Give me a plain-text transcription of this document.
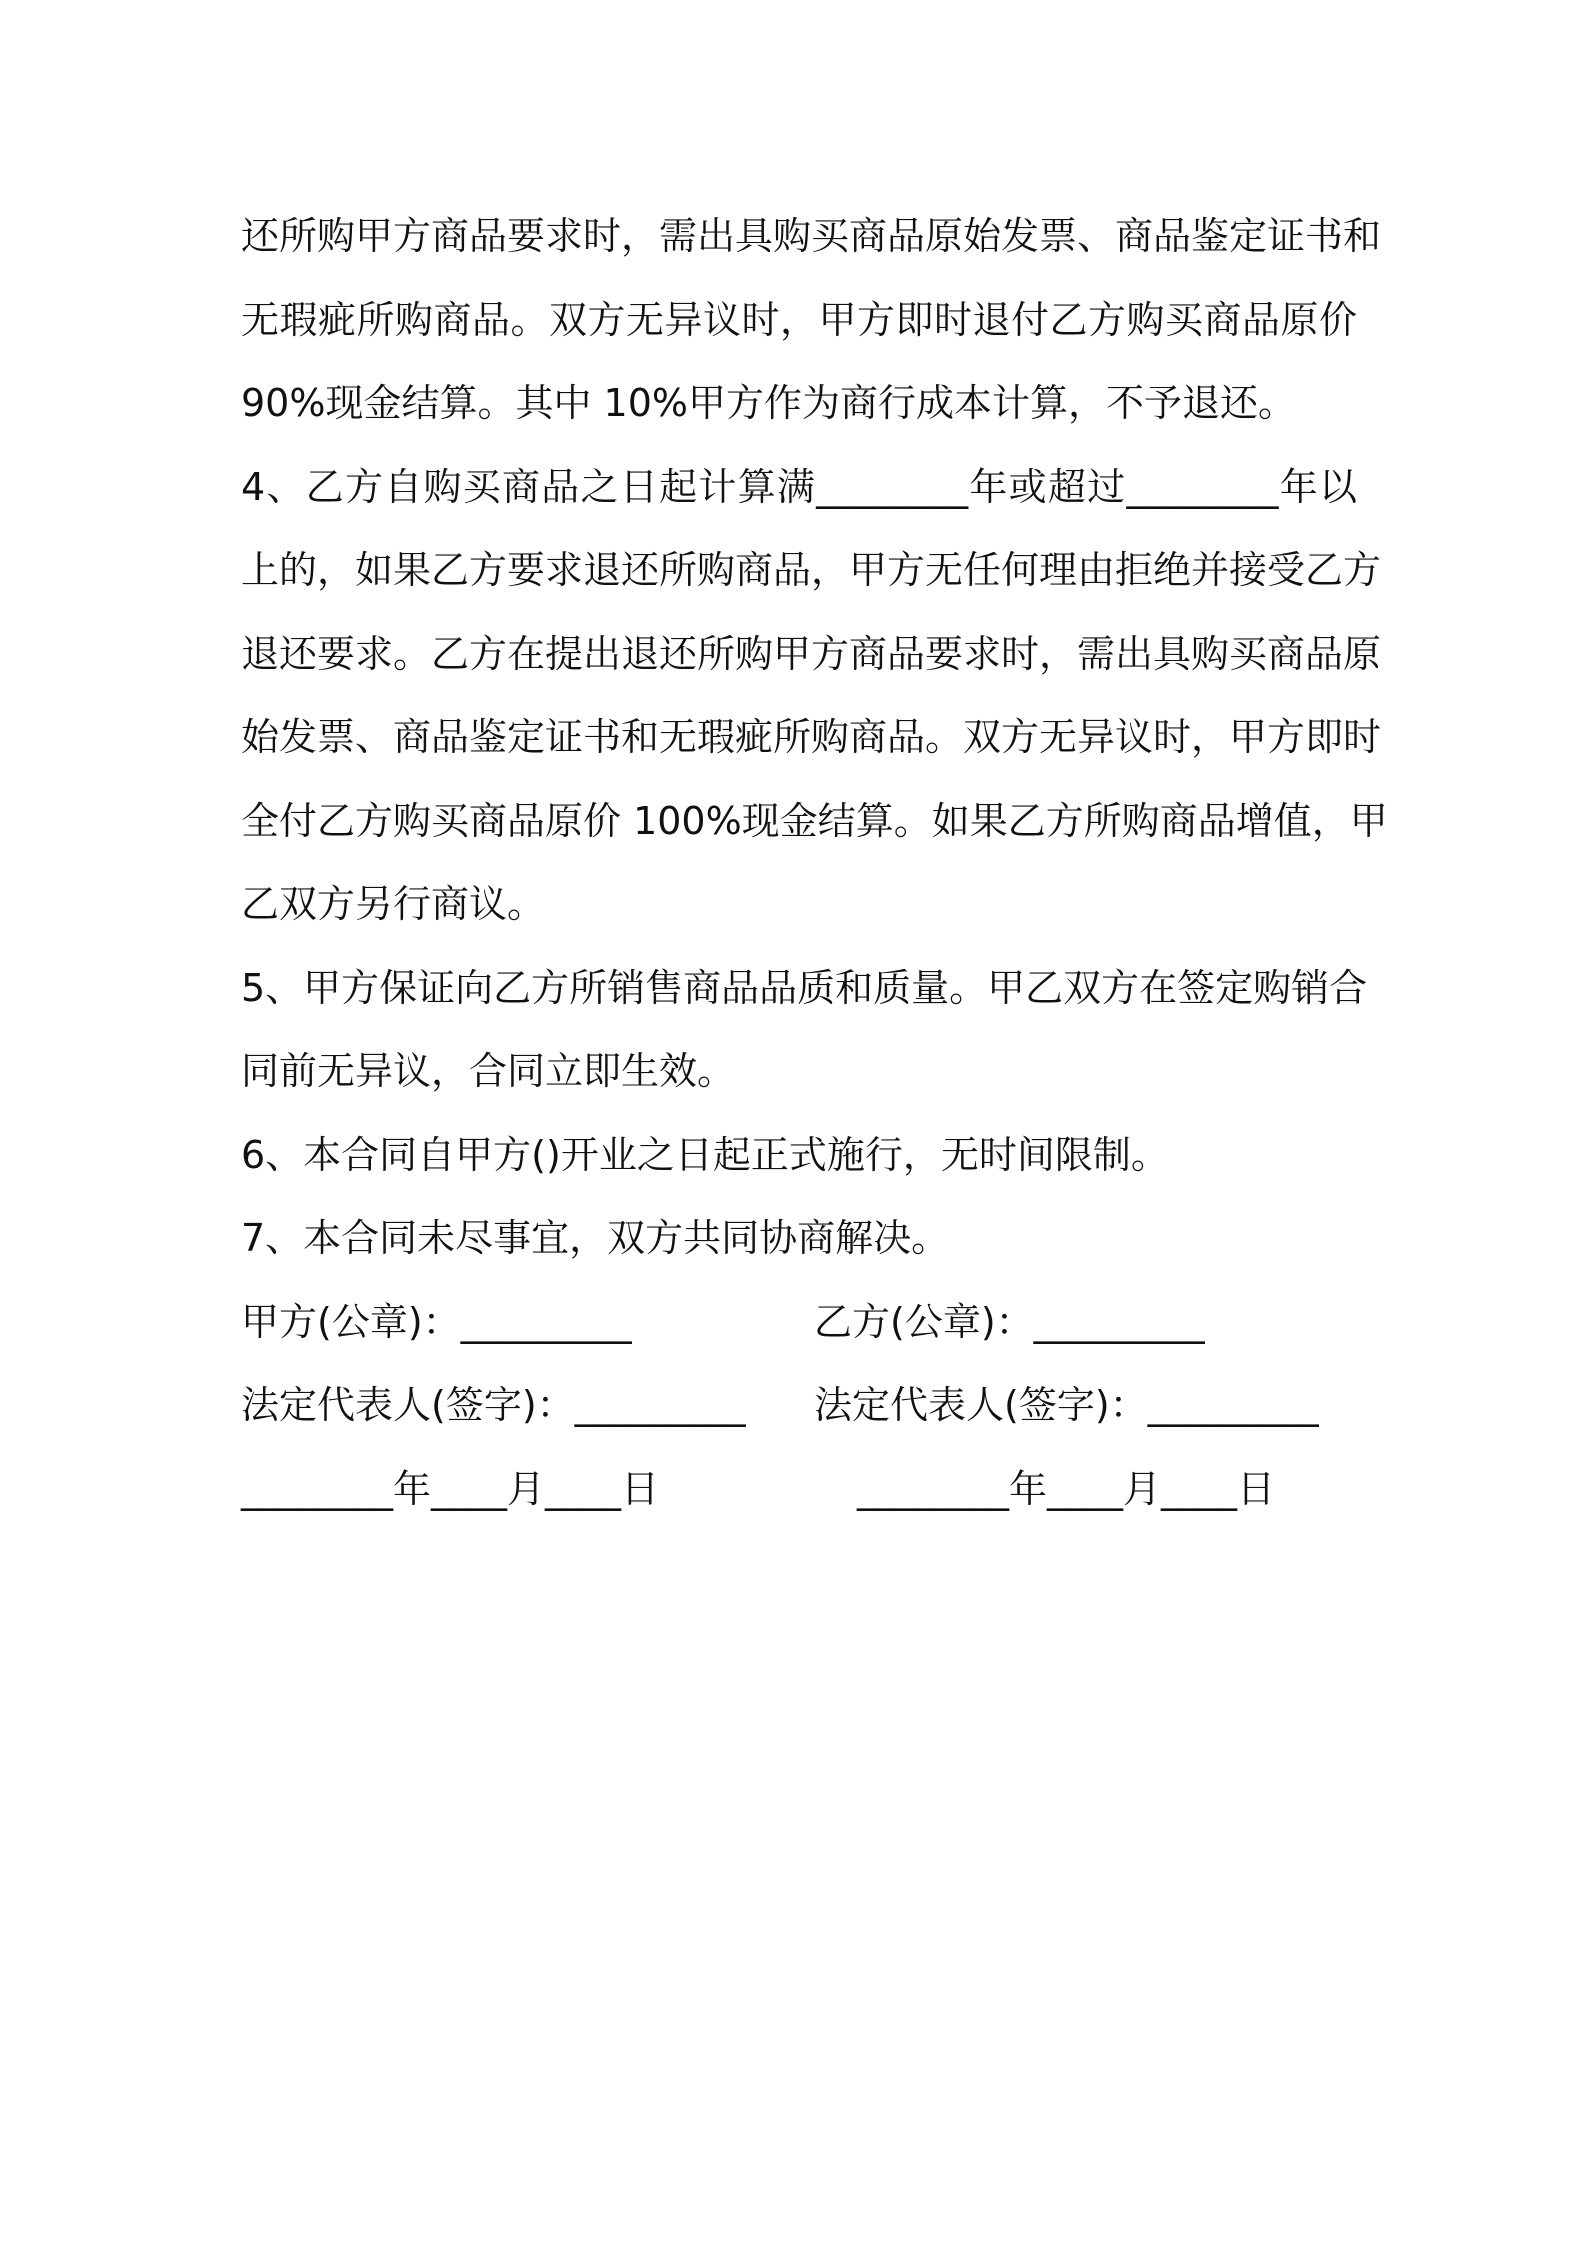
还所购甲方商品要求时，需出具购买商品原始发票、商品鉴定证书和
无瑕疵所购商品。双方无异议时，甲方即时退付乙方购买商品原价
90%现金结算。其中 10%甲方作为商行成本计算，不予退还。
4、乙方自购买商品之日起计算满________年或超过________年以
上的，如果乙方要求退还所购商品，甲方无任何理由拒绝并接受乙方
退还要求。乙方在提出退还所购甲方商品要求时，需出具购买商品原
始发票、商品鉴定证书和无瑕疵所购商品。双方无异议时，甲方即时
全付乙方购买商品原价 100%现金结算。如果乙方所购商品增值，甲
乙双方另行商议。
5、甲方保证向乙方所销售商品品质和质量。甲乙双方在签定购销合
同前无异议，合同立即生效。
6、本合同自甲方()开业之日起正式施行，无时间限制。
7、本合同未尽事宜，双方共同协商解决。
甲方(公章)：_________	乙方(公章)：_________
法定代表人(签字)：_________ 法定代表人(签字)：_________
________年____月____日	________年____月____日
